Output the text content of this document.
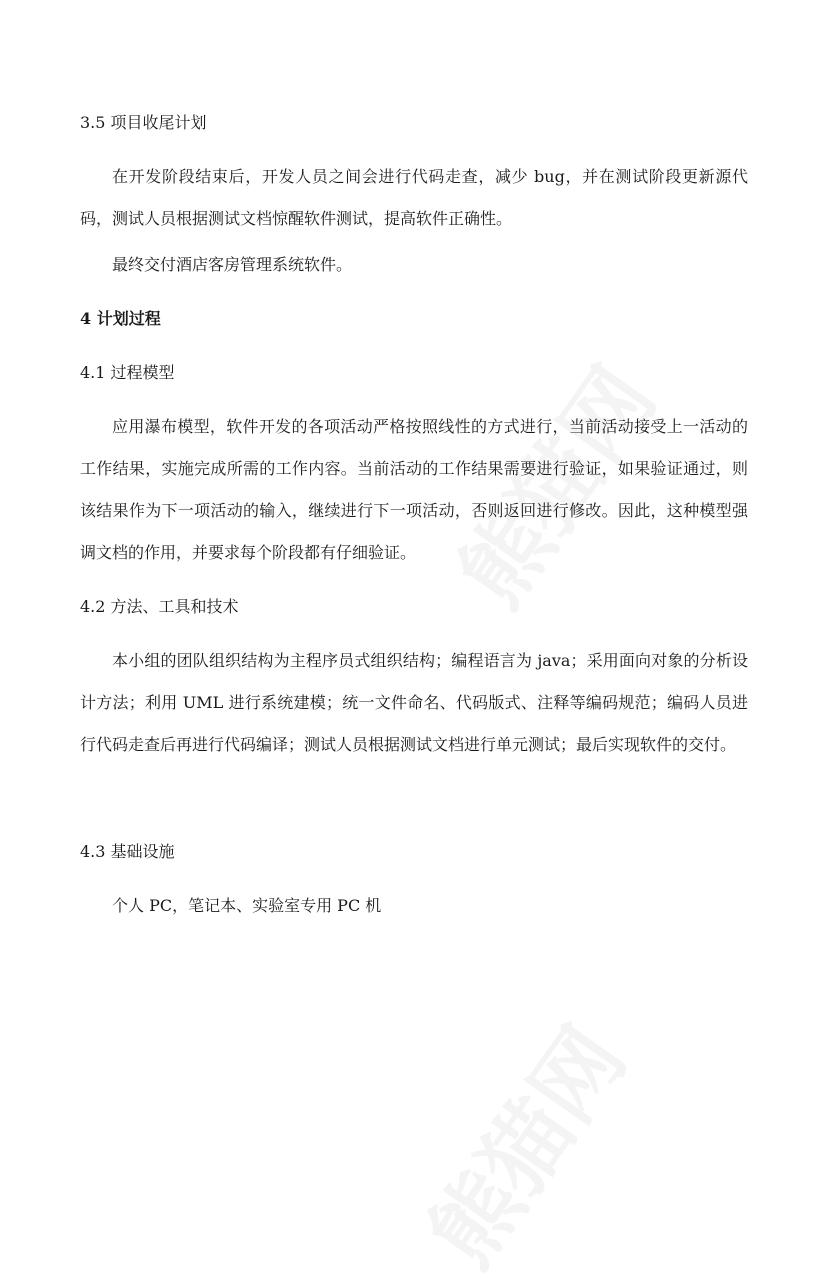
3.5 项目收尾计划
在开发阶段结束后，开发人员之间会进行代码走查，减少 bug，并在测试阶段更新源代码，测试人员根据测试文档惊醒软件测试，提高软件正确性。
最终交付酒店客房管理系统软件。
4 计划过程
4.1 过程模型
应用瀑布模型，软件开发的各项活动严格按照线性的方式进行，当前活动接受上一活动的工作结果，实施完成所需的工作内容。当前活动的工作结果需要进行验证，如果验证通过，则该结果作为下一项活动的输入，继续进行下一项活动，否则返回进行修改。因此，这种模型强调文档的作用，并要求每个阶段都有仔细验证。
4.2 方法、工具和技术
本小组的团队组织结构为主程序员式组织结构；编程语言为 java；采用面向对象的分析设计方法；利用 UML 进行系统建模；统一文件命名、代码版式、注释等编码规范；编码人员进行代码走查后再进行代码编译；测试人员根据测试文档进行单元测试；最后实现软件的交付。
4.3 基础设施
个人 PC，笔记本、实验室专用 PC 机
